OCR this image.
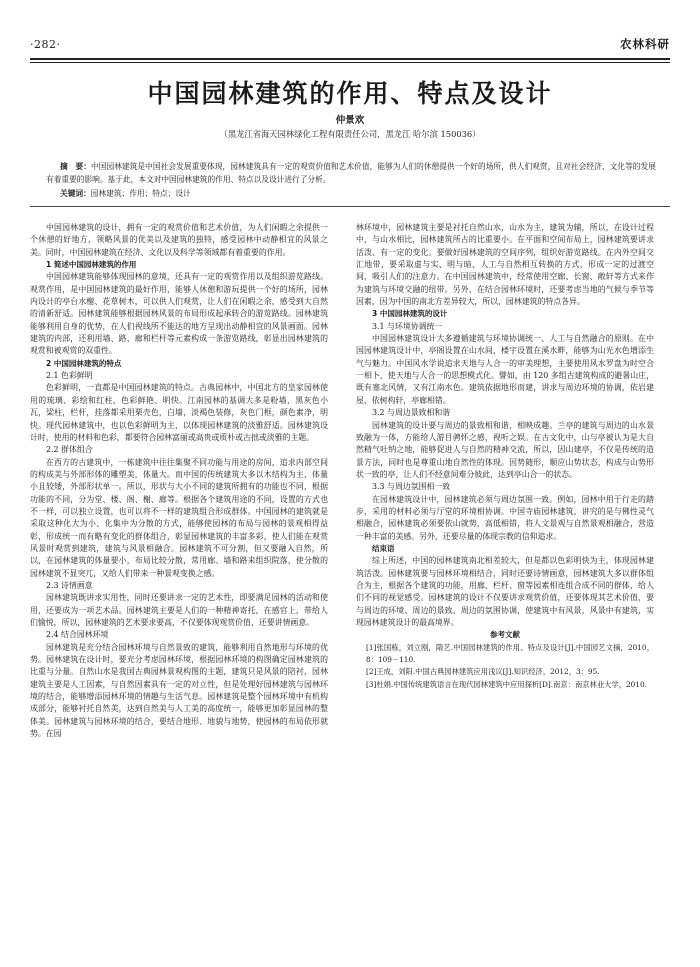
·282·	农林科研
中国园林建筑的作用、特点及设计
仲景欢
（黑龙江省海天园林绿化工程有限责任公司，黑龙江 哈尔滨 150036）
摘　要：中国园林建筑是中国社会发展重要体现，园林建筑具有一定的观赏价值和艺术价值，能够为人们的休憩提供一个好的场所，供人们观赏，且对社会经济、文化等的发展有着重要的影响。基于此，本文对中国园林建筑的作用、特点以及设计进行了分析。
关键词：园林建筑；作用；特点；设计

中国园林建筑的设计，拥有一定的观赏价值和艺术价值，为人们闲暇之余提供一个休憩的好地方，领略风景的优美以及建筑的独特，感受园林中动静相宜的风景之美。同时，中国园林建筑在经济、文化以及科学等领域都有着重要的作用。

1 简述中国园林建筑的作用

中国园林建筑能够体现园林的意境，还具有一定的观赏作用以及组织游览路线。观赏作用，是中国园林建筑的最好作用，能够人休憩和游玩提供一个好的场所，园林内设计的亭台水榭、花草树木，可以供人们观赏，让人们在闲暇之余，感受到大自然的清新舒适。园林建筑能够根据园林风景的布局形成起承转合的游览路线。园林建筑能够利用自身的优势，在人们视线所不能达的地方呈现出动静相宜的风景画面。园林建筑的内部，还利用墙、路、廊和栏杆等元素构成一条游览路线，彰显出园林建筑的观赏和被观赏的双重性。

2 中国园林建筑的特点

2.1 色彩鲜明

色彩鲜明，一直都是中国园林建筑的特点。古典园林中，中国北方的皇家园林使用的琉璃、彩绘和红柱，色彩鲜艳、明快。江南园林的基调大多是粉墙，黑灰色小瓦，梁柱，栏杆，挂落都采用栗壳色，白墙，淡褐色装修，灰色门框，颜色素净，明快。现代园林建筑中，也以色彩鲜明为主，以体现园林建筑的淡雅舒适。园林建筑设计时，使用的材料和色彩，都要符合园林富丽或高贵或质朴或古拙或淡雅的主题。

2.2 群体组合

在西方的古建筑中，一栋建筑中往往集聚不同功能与用途的房间，追求内部空间的构成美与外部形体的雕塑美，体量大。而中国的传统建筑大多以木结构为主，体量小且较矮，外部形状单一。所以，形状与大小不同的建筑所拥有的功能也不同，根据功能的不同，分为堂、楼、阁、榭、廊等。根据各个建筑用途的不同，设置的方式也不一样，可以独立设置，也可以将不一样的建筑组合形成群体。中国园林的建筑就是采取这种化大为小、化集中为分散的方式，能够使园林的布局与园林的景观相得益彰，形成统一而有略有变化的群体组合，彰显园林建筑的丰富多彩，使人们能在观赏风景时观赏到建筑，建筑与风景相融合。园林建筑不可分割，但又要融入自然，所以，在园林建筑的体量要小，布局比较分散，常用廊、墙和路来组织院落，使分散的园林建筑不显突兀，又给人们带来一种景观变换之感。

2.3 诗情画意

园林建筑既讲求实用性，同时还要讲求一定的艺术性，即要满足园林的活动和使用，还要成为一项艺术品。园林建筑主要是人们的一种精神寄托，在感官上，带给人们愉悦，所以，园林建筑的艺术要求要高，不仅要体现观赏价值，还要讲情画意。

2.4 结合园林环境

园林建筑是充分结合园林环境与自然景致的建筑，能够利用自然地形与环境的优势。园林建筑在设计时，要充分考虑园林环境，根据园林环境的构图确定园林建筑的比重与分量。自然山水是我国古典园林景观构图的主题，建筑只是风景的陪衬，园林建筑主要是人工因素，与自然因素具有一定的对立性，但是处理好园林建筑与园林环境的结合，能够增添园林环境的情趣与生活气息。园林建筑是整个园林环境中有机构成部分，能够衬托自然美，达到自然美与人工美的高度统一，能够更加彰显园林的整体美。园林建筑与园林环境的结合，要结合地形、地貌与地势，使园林的布局依形就势。在园

林环境中，园林建筑主要是衬托自然山水，山水为主，建筑为辅，所以，在设计过程中，与山水相比，园林建筑所占的比重要小。在平面和空间布局上，园林建筑要讲求活泼、有一定的变化。要做好园林建筑的空间序列，组织好游览路线。在内外空间交汇地带，要采取虚与实、明与暗、人工与自然相互转换的方式，形成一定的过渡空间，吸引人们的注意力。在中国园林建筑中，经常使用空廊、长窗、敞轩等方式来作为建筑与环境交融的纽带。另外，在结合园林环境时，还要考虑当地的气候与季节等因素，因为中国的南北方差异较大，所以，园林建筑的特点各异。

3 中国园林建筑的设计

3.1 与环境协调统一

中国园林建筑设计大多遵循建筑与环境协调统一、人工与自然融合的原则。在中国园林建筑设计中，亭阁设置在山水间，楼宇设置在溪水畔，能够为山光水色增添生气与魅力。中国风水学说追求天地与人合一的审美理想，主要使用风水罗盘为时空合一相卜，使天地与人合一的思想模式化。譬如，由 120 多组古建筑构成的避暑山庄，既有塞北风情，又有江南水色。建筑依据地形而建，讲求与周边环境的协调，依岩建屋，依树构轩，亭廊相错。

3.2 与周边景致相和谐

园林建筑的设计要与周边的景致相和谐，相映成趣。兰亭的建筑与周边的山水景致融为一体，方能给人游目骋怀之感，视听之娱。在古文化中，山与亭被认为是大自然精气吐纳之地，能够促进人与自然的精神交流，所以，因山建亭，不仅是传统的造景方法，同时也是尊重山地自然性的体现。因势随形，顺应山势状态，构成与山势形状一致的亭，让人们不经意间难分彼此，达到亭山合一的状态。

3.3 与周边氛围相一致

在园林建筑设计中，园林建筑必须与周边氛围一致。例如，园林中用于行走的踏步，采用的材料必须与厅堂的环境相协调。中国寺庙园林建筑，讲究的是与佛性灵气相融合，园林建筑必须要依山就势，高低相错，将人文景观与自然景观相融合，营造一种丰富的美感。另外，还要尽量的体现宗教的信仰追求。

结束语

综上所述，中国的园林建筑南北相差较大，但是都以色彩明快为主，体现园林建筑活泼。园林建筑要与园林环境相结合，同时还要诗情画意，园林建筑大多以群体组合为主，根据各个建筑的功能，用廊、栏杆、窗等园素相连组合成不同的群体，给人们不同的视觉感受。园林建筑的设计不仅要讲求观赏价值，还要体现其艺术价值，要与周边的环境、周边的景致、周边的氛围协调，使建筑中有风景，风景中有建筑，实现园林建筑设计的最高境界。

参考文献

[1]张国栋，刘立刚，隋艺.中国园林建筑的作用、特点及设计[J].中国园艺文摘，2010，8：109－110.

[2]王成，刘阳.中国古典园林建筑应用浅议[J].知识经济，2012，3：95.

[3]杜娟.中国传统建筑语言在现代园林建筑中应用探析[D].南京：南京林业大学，2010.
